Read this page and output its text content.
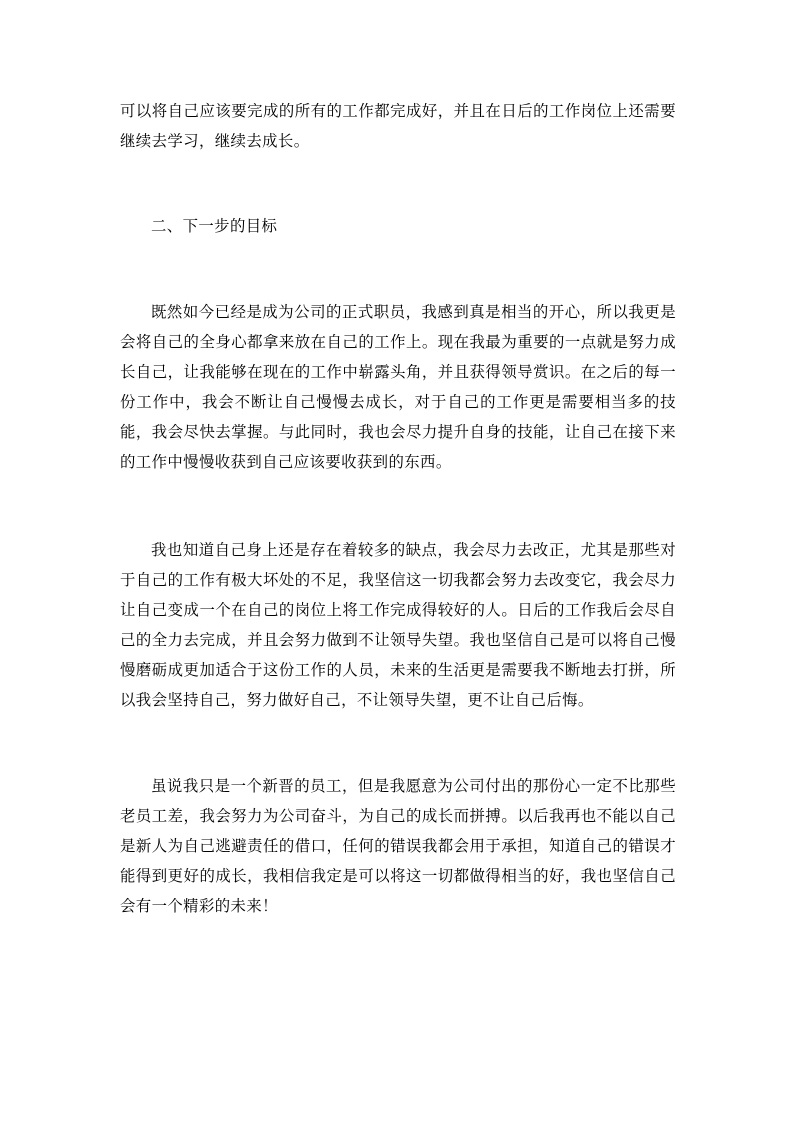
可以将自己应该要完成的所有的工作都完成好，并且在日后的工作岗位上还需要继续去学习，继续去成长。

二、下一步的目标

既然如今已经是成为公司的正式职员，我感到真是相当的开心，所以我更是会将自己的全身心都拿来放在自己的工作上。现在我最为重要的一点就是努力成长自己，让我能够在现在的工作中崭露头角，并且获得领导赏识。在之后的每一份工作中，我会不断让自己慢慢去成长，对于自己的工作更是需要相当多的技能，我会尽快去掌握。与此同时，我也会尽力提升自身的技能，让自己在接下来的工作中慢慢收获到自己应该要收获到的东西。

我也知道自己身上还是存在着较多的缺点，我会尽力去改正，尤其是那些对于自己的工作有极大坏处的不足，我坚信这一切我都会努力去改变它，我会尽力让自己变成一个在自己的岗位上将工作完成得较好的人。日后的工作我后会尽自己的全力去完成，并且会努力做到不让领导失望。我也坚信自己是可以将自己慢慢磨砺成更加适合于这份工作的人员，未来的生活更是需要我不断地去打拼，所以我会坚持自己，努力做好自己，不让领导失望，更不让自己后悔。

虽说我只是一个新晋的员工，但是我愿意为公司付出的那份心一定不比那些老员工差，我会努力为公司奋斗，为自己的成长而拼搏。以后我再也不能以自己是新人为自己逃避责任的借口，任何的错误我都会用于承担，知道自己的错误才能得到更好的成长，我相信我定是可以将这一切都做得相当的好，我也坚信自己会有一个精彩的未来！
